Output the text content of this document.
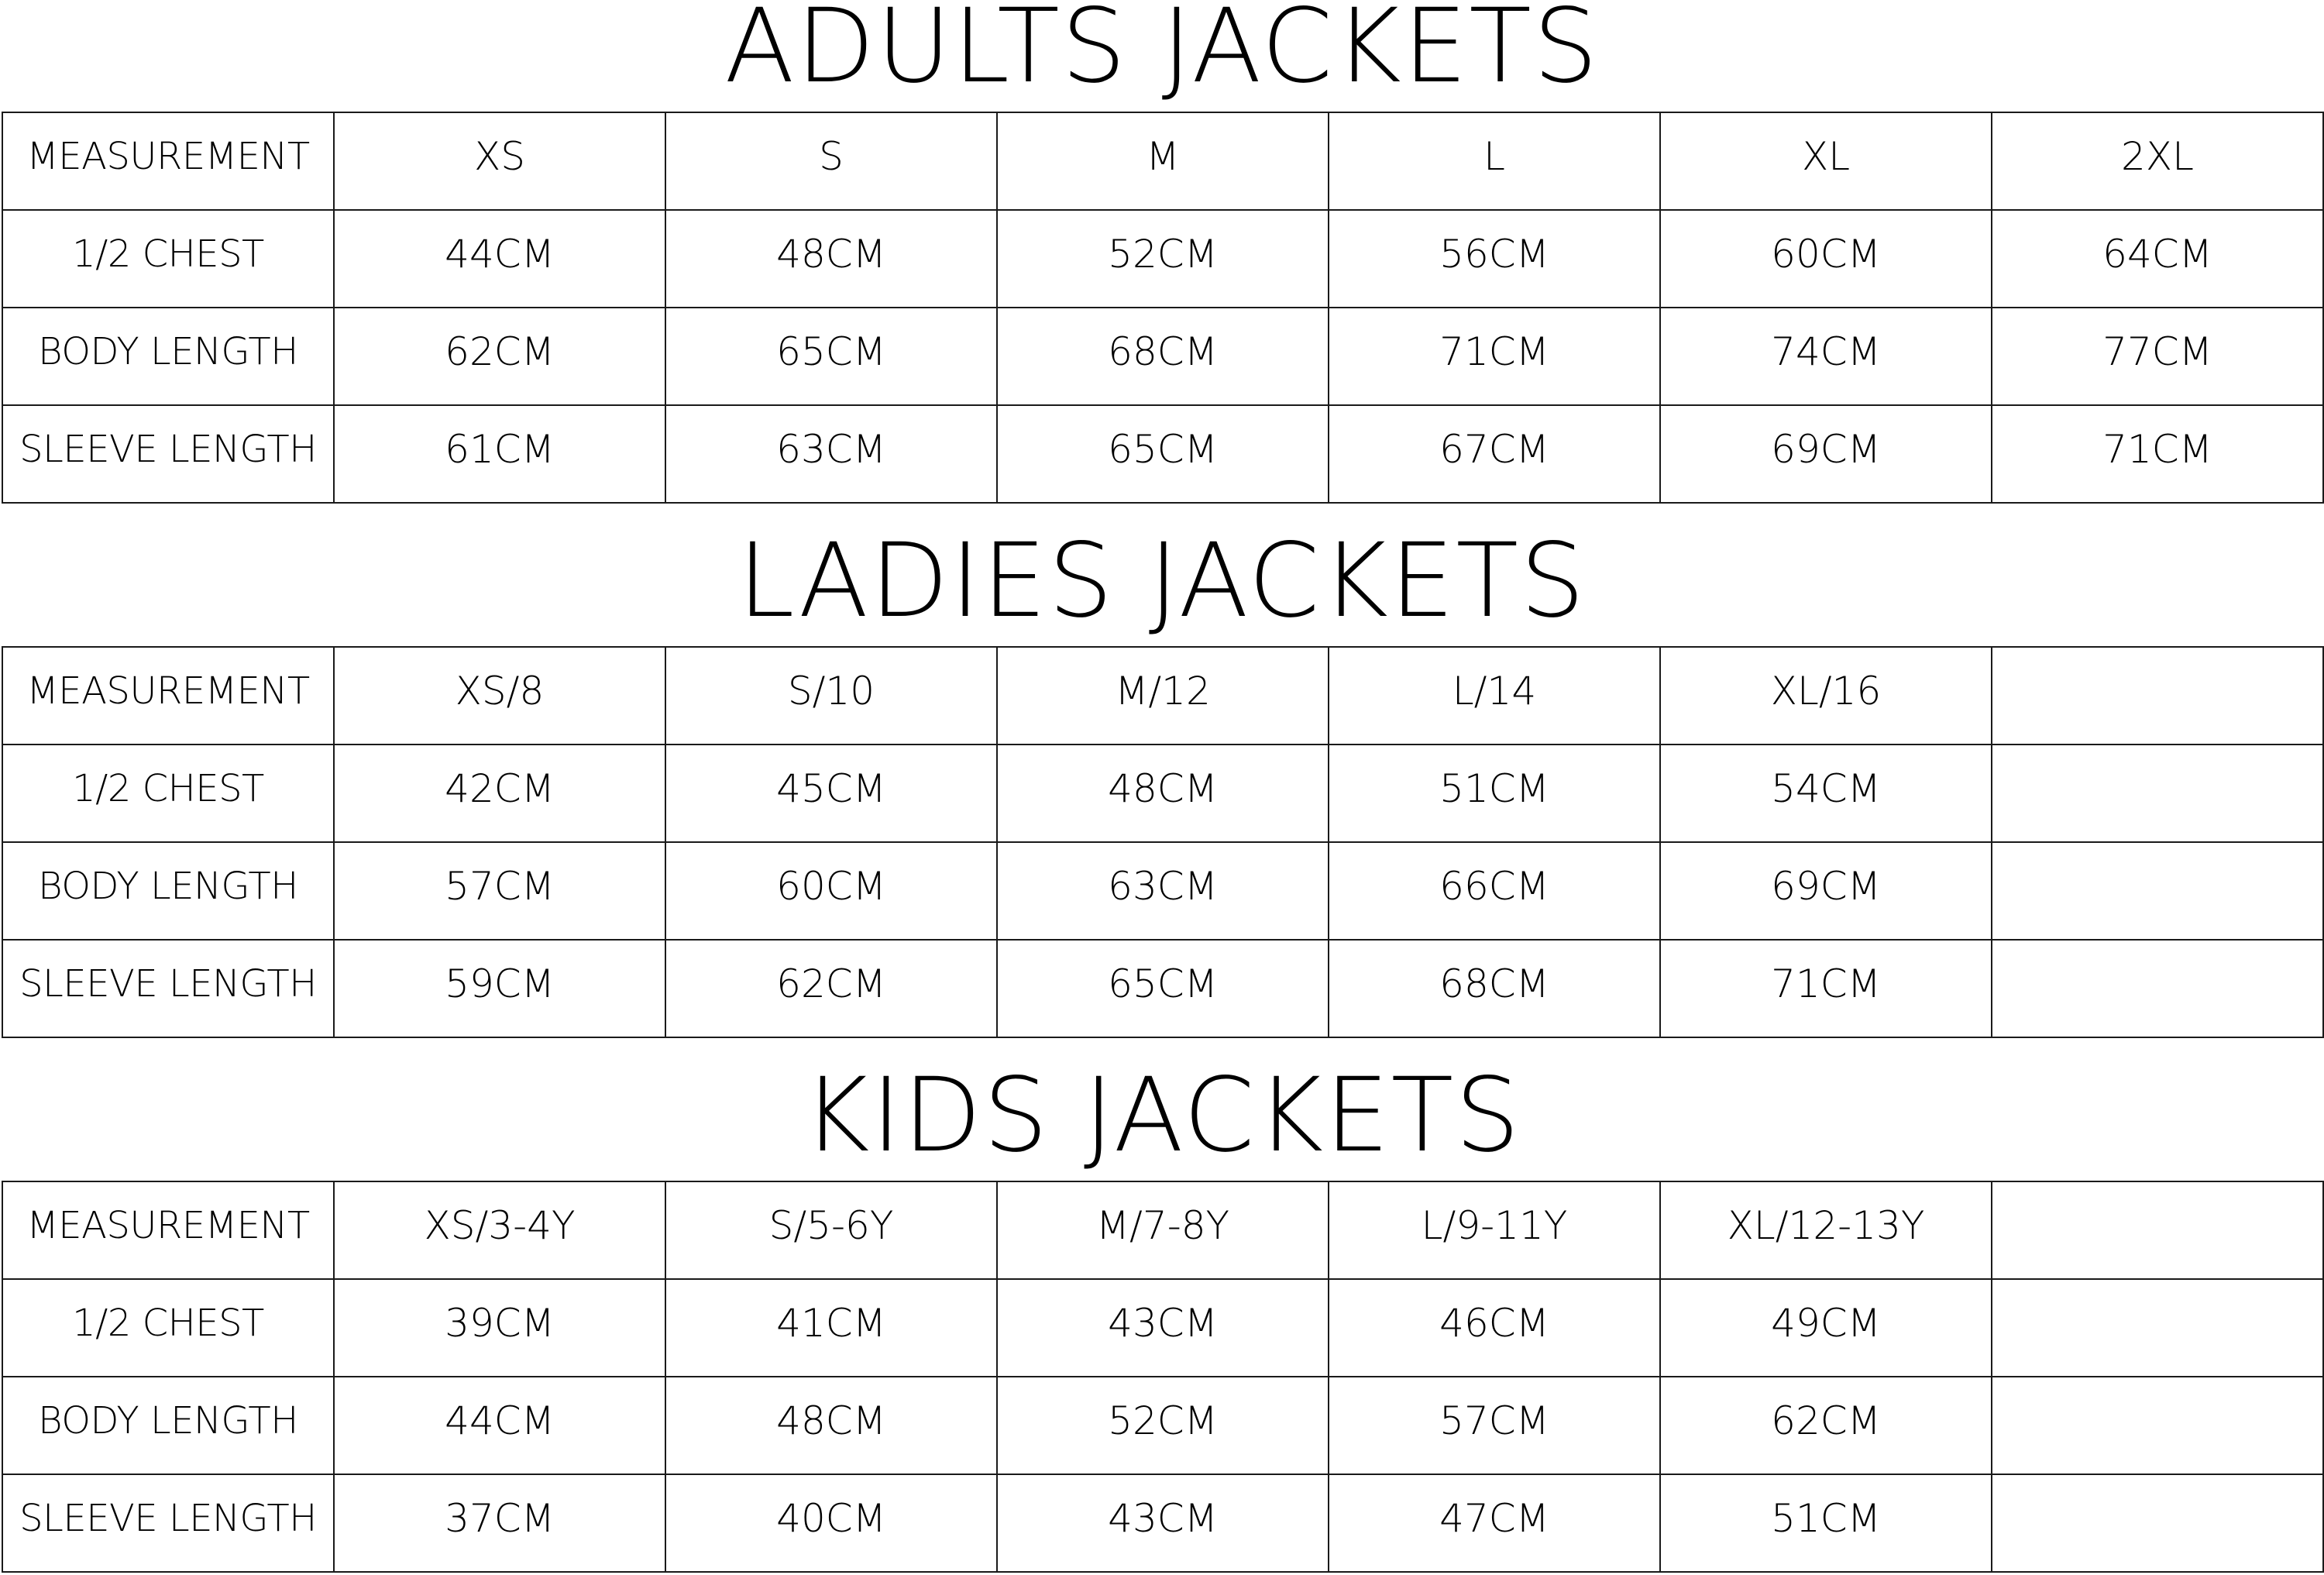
ADULTS JACKETS
MEASUREMENT	XS	S	M	L	XL	2XL
1/2 CHEST	44CM	48CM	52CM	56CM	60CM	64CM
BODY LENGTH	62CM	65CM	68CM	71CM	74CM	77CM
SLEEVE LENGTH	61CM	63CM	65CM	67CM	69CM	71CM
LADIES JACKETS
MEASUREMENT	XS/8	S/10	M/12	L/14	XL/16	
1/2 CHEST	42CM	45CM	48CM	51CM	54CM	
BODY LENGTH	57CM	60CM	63CM	66CM	69CM	
SLEEVE LENGTH	59CM	62CM	65CM	68CM	71CM	
KIDS JACKETS
MEASUREMENT	XS/3-4Y	S/5-6Y	M/7-8Y	L/9-11Y	XL/12-13Y	
1/2 CHEST	39CM	41CM	43CM	46CM	49CM	
BODY LENGTH	44CM	48CM	52CM	57CM	62CM	
SLEEVE LENGTH	37CM	40CM	43CM	47CM	51CM	
